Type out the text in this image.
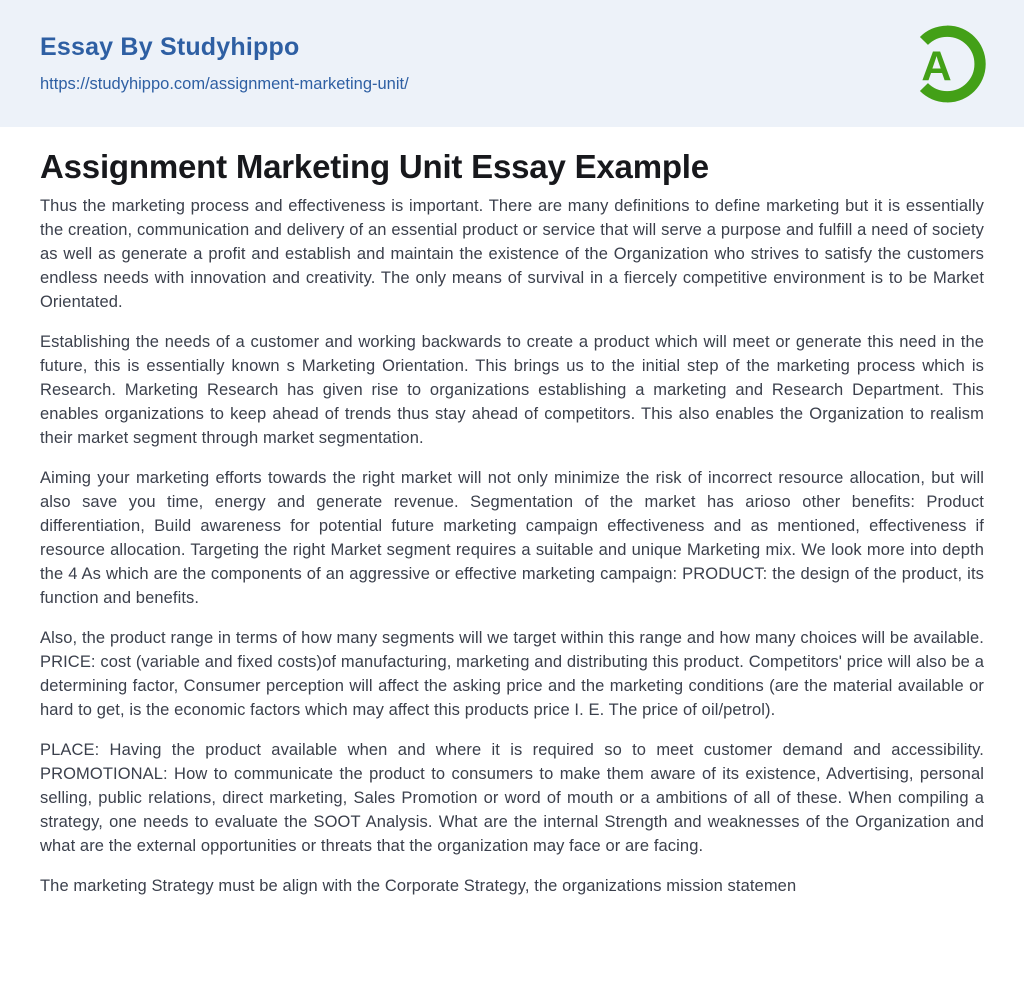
Essay By Studyhippo
https://studyhippo.com/assignment-marketing-unit/	A
Assignment Marketing Unit Essay Example

Thus the marketing process and effectiveness is important. There are many definitions to define marketing but it is essentially the creation, communication and delivery of an essential product or service that will serve a purpose and fulfill a need of society as well as generate a profit and establish and maintain the existence of the Organization who strives to satisfy the customers endless needs with innovation and creativity. The only means of survival in a fiercely competitive environment is to be Market Orientated.

Establishing the needs of a customer and working backwards to create a product which will meet or generate this need in the future, this is essentially known s Marketing Orientation. This brings us to the initial step of the marketing process which is Research. Marketing Research has given rise to organizations establishing a marketing and Research Department. This enables organizations to keep ahead of trends thus stay ahead of competitors. This also enables the Organization to realism their market segment through market segmentation.

Aiming your marketing efforts towards the right market will not only minimize the risk of incorrect resource allocation, but will also save you time, energy and generate revenue. Segmentation of the market has arioso other benefits: Product differentiation, Build awareness for potential future marketing campaign effectiveness and as mentioned, effectiveness if resource allocation. Targeting the right Market segment requires a suitable and unique Marketing mix. We look more into depth the 4 As which are the components of an aggressive or effective marketing campaign: PRODUCT: the design of the product, its function and benefits.

Also, the product range in terms of how many segments will we target within this range and how many choices will be available. PRICE: cost (variable and fixed costs)of manufacturing, marketing and distributing this product. Competitors' price will also be a determining factor, Consumer perception will affect the asking price and the marketing conditions (are the material available or hard to get, is the economic factors which may affect this products price I. E. The price of oil/petrol).

PLACE: Having the product available when and where it is required so to meet customer demand and accessibility. PROMOTIONAL: How to communicate the product to consumers to make them aware of its existence, Advertising, personal selling, public relations, direct marketing, Sales Promotion or word of mouth or a ambitions of all of these. When compiling a strategy, one needs to evaluate the SOOT Analysis. What are the internal Strength and weaknesses of the Organization and what are the external opportunities or threats that the organization may face or are facing.

The marketing Strategy must be align with the Corporate Strategy, the organizations mission statemen
